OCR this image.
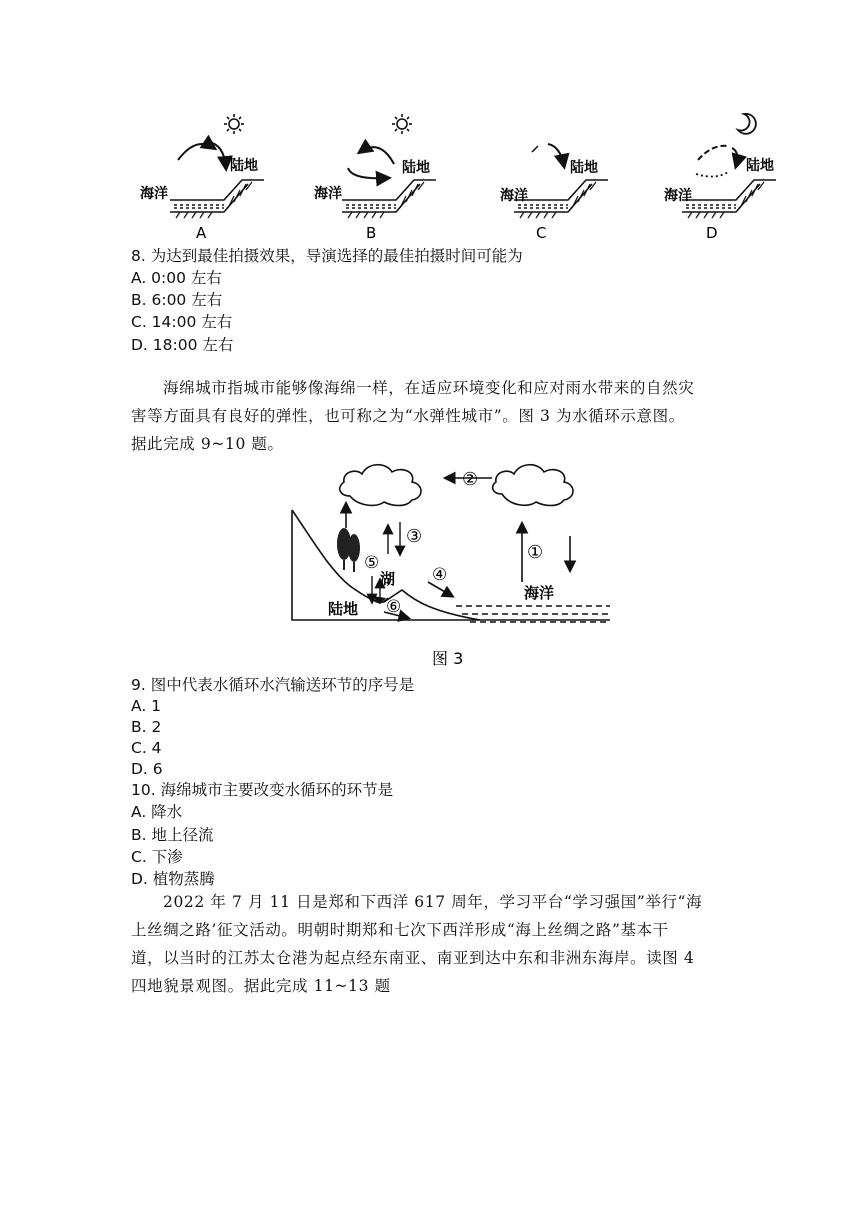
海洋
陆地
A
海洋
陆地
B
海洋
陆地
C
海洋
陆地
D
8. 为达到最佳拍摄效果，导演选择的最佳拍摄时间可能为
A. 0:00 左右
B. 6:00 左右
C. 14:00 左右
D. 18:00 左右

海绵城市指城市能够像海绵一样，在适应环境变化和应对雨水带来的自然灾

害等方面具有良好的弹性，也可称之为“水弹性城市”。图 3 为水循环示意图。

据此完成 9~10 题。

②
③
①
⑤
④
⑥
湖
陆地
海洋
图 3
9. 图中代表水循环水汽输送环节的序号是
A. 1
B. 2
C. 4
D. 6
10. 海绵城市主要改变水循环的环节是
A. 降水
B. 地上径流
C. 下渗
D. 植物蒸腾

2022 年 7 月 11 日是郑和下西洋 617 周年，学习平台“学习强国”举行“海

上丝绸之路’征文活动。明朝时期郑和七次下西洋形成“海上丝绸之路”基本干

道，以当时的江苏太仓港为起点经东南亚、南亚到达中东和非洲东海岸。读图 4

四地貌景观图。据此完成 11~13 题
